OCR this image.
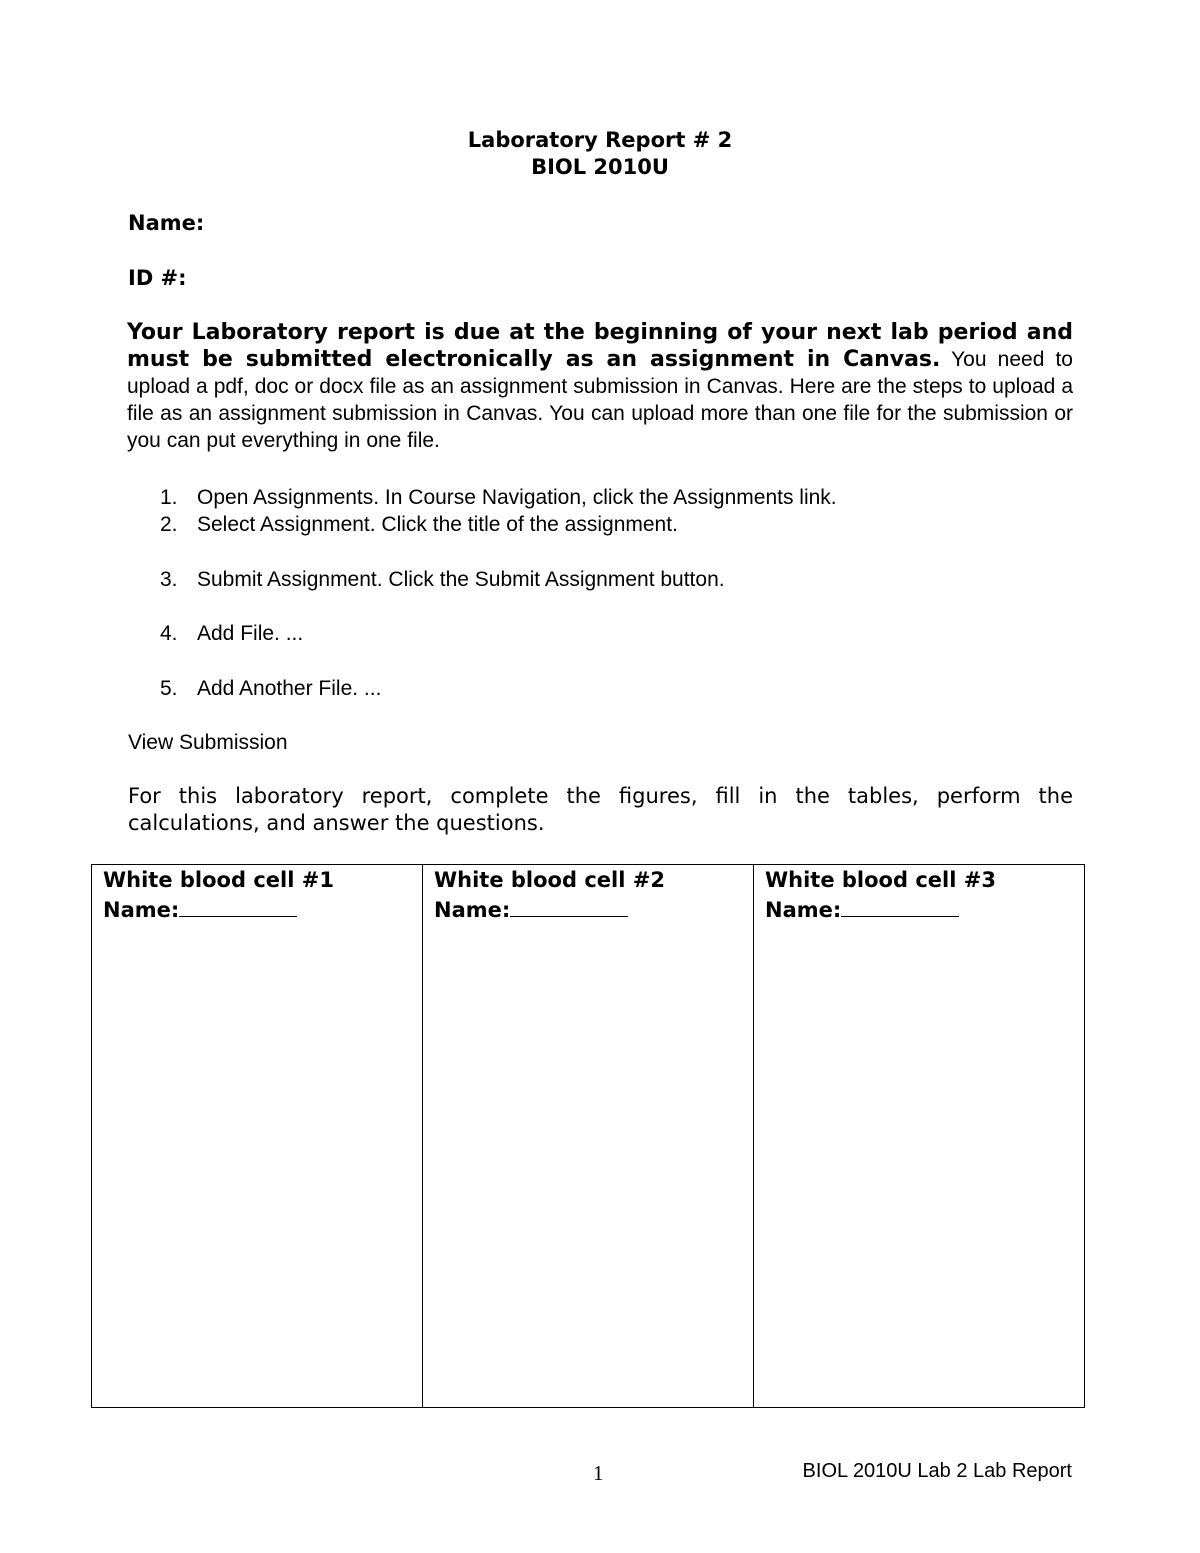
Laboratory Report # 2
BIOL 2010U
Name:
ID #:
Your Laboratory report is due at the beginning of your next lab period and must be submitted electronically as an assignment in Canvas. You need to upload a pdf, doc or docx file as an assignment submission in Canvas. Here are the steps to upload a file as an assignment submission in Canvas. You can upload more than one file for the submission or you can put everything in one file.
1. Open Assignments. In Course Navigation, click the Assignments link.
2. Select Assignment. Click the title of the assignment.
3. Submit Assignment. Click the Submit Assignment button.
4. Add File. ...
5. Add Another File. ...
View Submission
For this laboratory report, complete the figures, fill in the tables, perform the calculations, and answer the questions.
White blood cell #1
Name:

White blood cell #2
Name:

White blood cell #3
Name:
1	BIOL 2010U Lab 2 Lab Report
